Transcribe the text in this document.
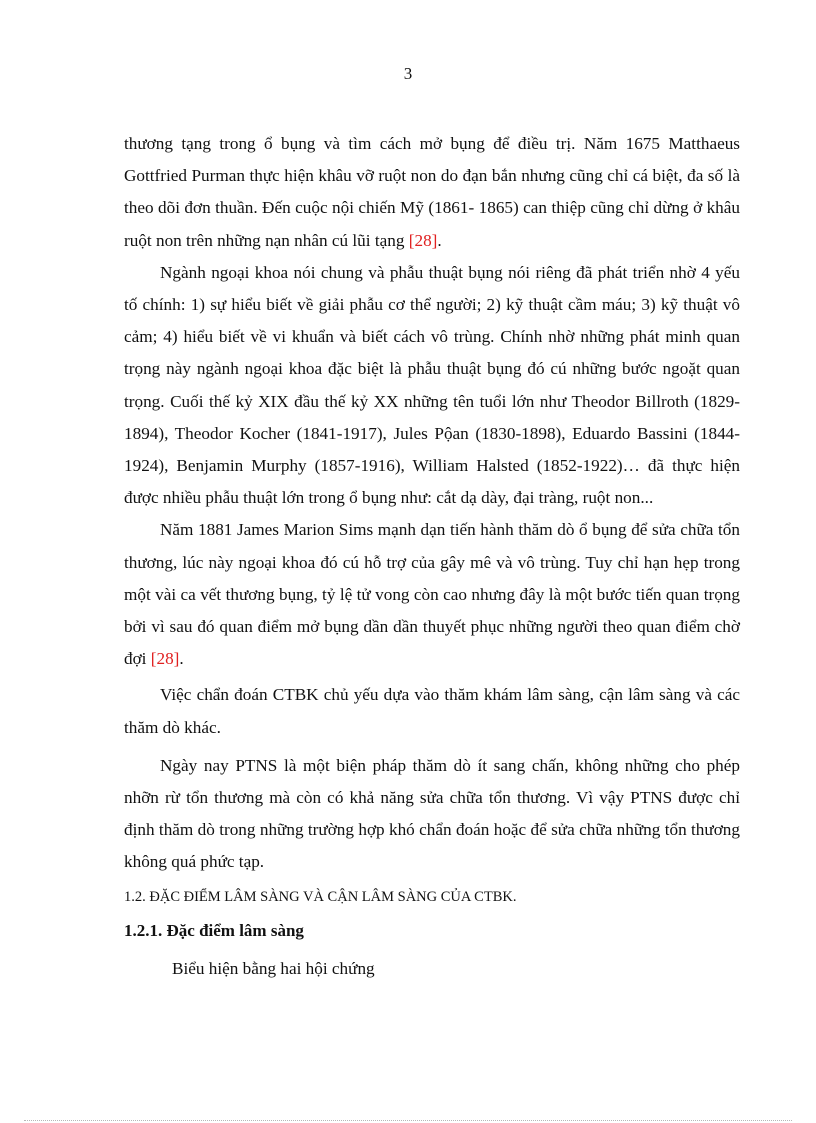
3

thương tạng trong ổ bụng và tìm cách mở bụng để điều trị. Năm 1675 Matthaeus Gottfried Purman thực hiện khâu vỡ ruột non do đạn bắn nhưng cũng chỉ cá biệt, đa số là theo dõi đơn thuần. Đến cuộc nội chiến Mỹ (1861- 1865) can thiệp cũng chỉ dừng ở khâu ruột non trên những nạn nhân cú lũi tạng [28].

Ngành ngoại khoa nói chung và phẫu thuật bụng nói riêng đã phát triển nhờ 4 yếu tố chính: 1) sự hiểu biết về giải phẫu cơ thể người; 2) kỹ thuật cầm máu; 3) kỹ thuật vô cảm; 4) hiểu biết về vi khuẩn và biết cách vô trùng. Chính nhờ những phát minh quan trọng này ngành ngoại khoa đặc biệt là phẫu thuật bụng đó cú những bước ngoặt quan trọng. Cuối thế kỷ XIX đầu thế kỷ XX những tên tuổi lớn như Theodor Billroth (1829-1894), Theodor Kocher (1841-1917), Jules Pộan (1830-1898), Eduardo Bassini (1844-1924), Benjamin Murphy (1857-1916), William Halsted (1852-1922)… đã thực hiện được nhiều phẫu thuật lớn trong ổ bụng như: cắt dạ dày, đại tràng, ruột non...

Năm 1881 James Marion Sims mạnh dạn tiến hành thăm dò ổ bụng để sửa chữa tổn thương, lúc này ngoại khoa đó cú hỗ trợ của gây mê và vô trùng. Tuy chỉ hạn hẹp trong một vài ca vết thương bụng, tỷ lệ tử vong còn cao nhưng đây là một bước tiến quan trọng bởi vì sau đó quan điểm mở bụng dần dần thuyết phục những người theo quan điểm chờ đợi [28].

Việc chẩn đoán CTBK chủ yếu dựa vào thăm khám lâm sàng, cận lâm sàng và các thăm dò khác.

Ngày nay PTNS là một biện pháp thăm dò ít sang chấn, không những cho phép nhỡn rừ tổn thương mà còn có khả năng sửa chữa tổn thương. Vì vậy PTNS được chỉ định thăm dò trong những trường hợp khó chẩn đoán hoặc để sửa chữa những tổn thương không quá phức tạp.

1.2. ĐẶC ĐIỂM LÂM SÀNG VÀ CẬN LÂM SÀNG CỦA CTBK.
1.2.1. Đặc điểm lâm sàng

Biểu hiện bằng hai hội chứng
